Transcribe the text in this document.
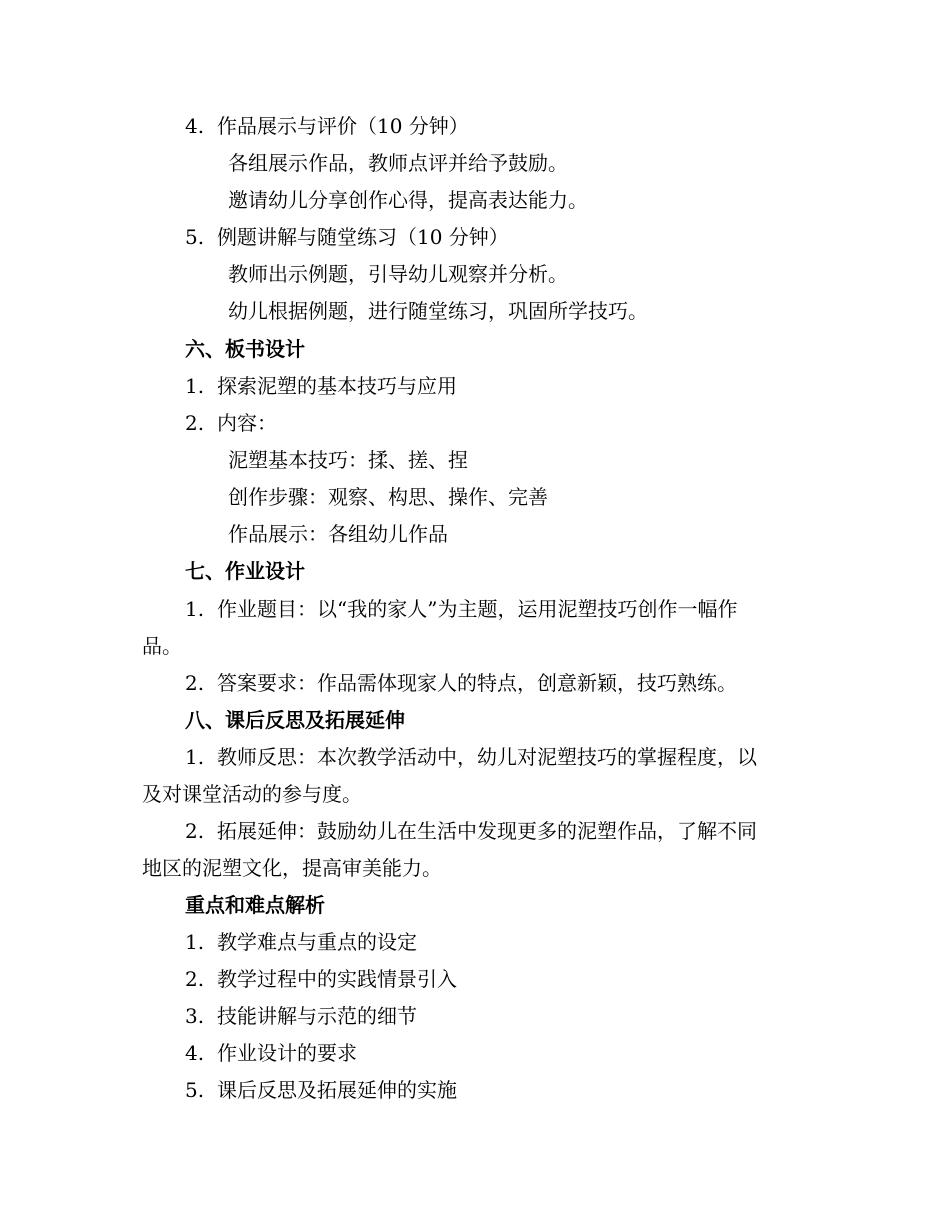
4. 作品展示与评价（10 分钟）
各组展示作品，教师点评并给予鼓励。
邀请幼儿分享创作心得，提高表达能力。
5. 例题讲解与随堂练习（10 分钟）
教师出示例题，引导幼儿观察并分析。
幼儿根据例题，进行随堂练习，巩固所学技巧。
六、板书设计
1. 探索泥塑的基本技巧与应用
2. 内容：
泥塑基本技巧：揉、搓、捏
创作步骤：观察、构思、操作、完善
作品展示：各组幼儿作品
七、作业设计
1. 作业题目：以“我的家人”为主题，运用泥塑技巧创作一幅作
品。
2. 答案要求：作品需体现家人的特点，创意新颖，技巧熟练。
八、课后反思及拓展延伸
1. 教师反思：本次教学活动中，幼儿对泥塑技巧的掌握程度，以
及对课堂活动的参与度。
2. 拓展延伸：鼓励幼儿在生活中发现更多的泥塑作品，了解不同
地区的泥塑文化，提高审美能力。
重点和难点解析
1. 教学难点与重点的设定
2. 教学过程中的实践情景引入
3. 技能讲解与示范的细节
4. 作业设计的要求
5. 课后反思及拓展延伸的实施
